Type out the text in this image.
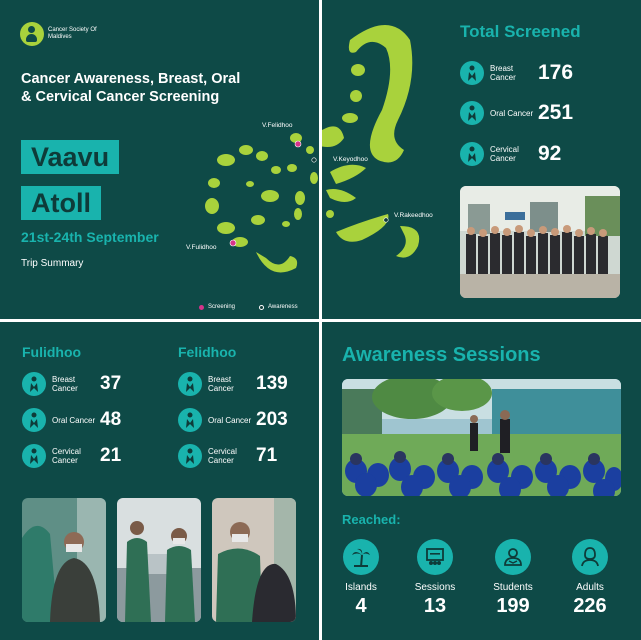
Cancer Society Of Maldives
Cancer Awareness, Breast, Oral & Cervical Cancer Screening
Vaavu
Atoll
21st-24th September
Trip Summary
V.Felidhoo
V.Fulidhoo
Screening	Awareness
V.Keyodhoo
V.Rakeedhoo
Total Screened
Breast Cancer	176
Oral Cancer 251
Cervical Cancer	92
Fulidhoo	Felidhoo
Breast Cancer	37
Oral Cancer 48
Cervical Cancer	21
Breast Cancer	139
Oral Cancer 203
Cervical Cancer	71
Awareness Sessions
Reached:
Islands
4
Sessions
13
Students
199
Adults
226
